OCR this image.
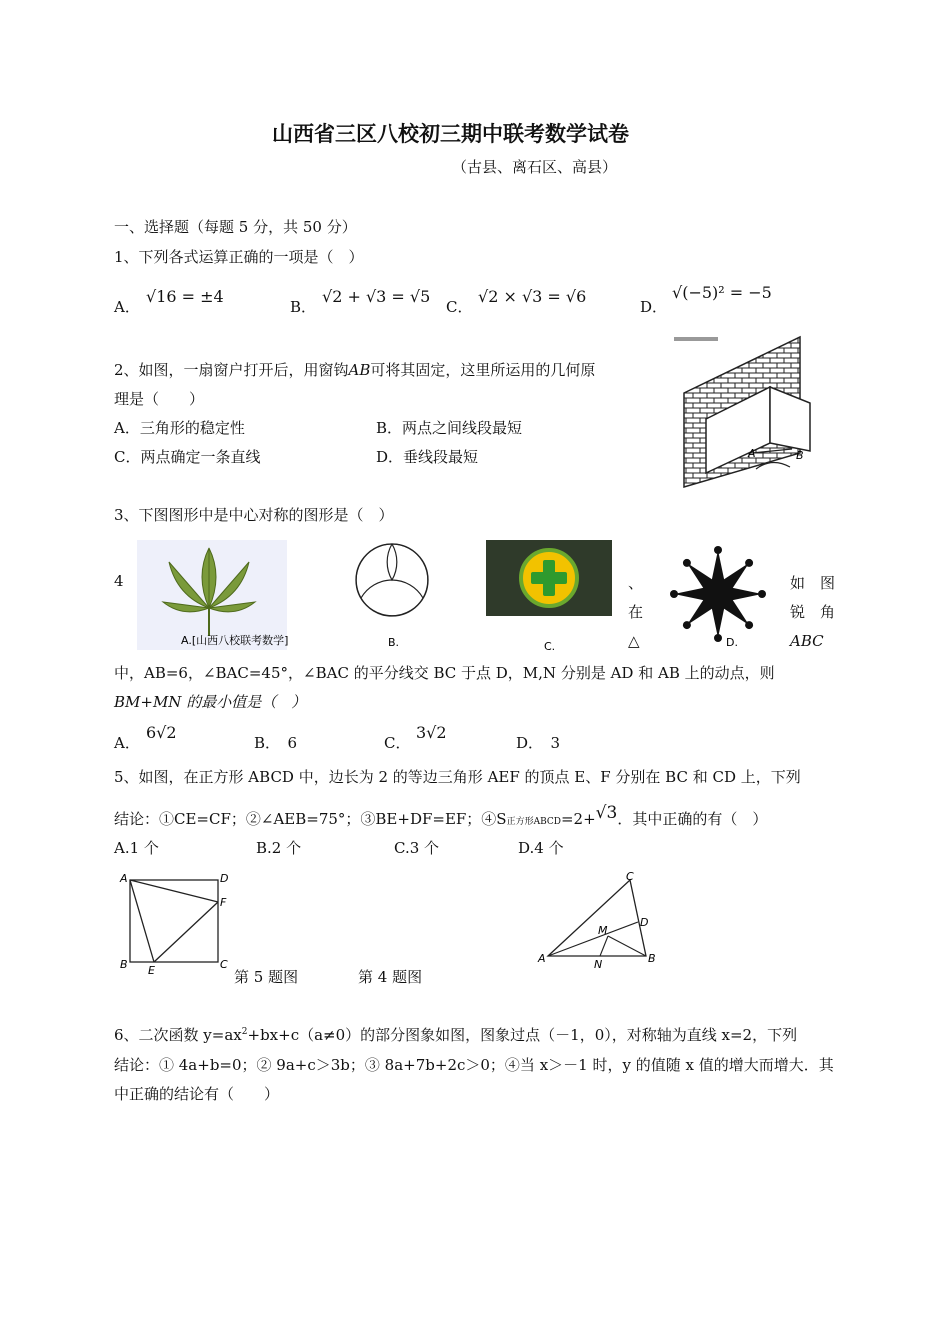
山西省三区八校初三期中联考数学试卷
（古县、离石区、高县）
一、选择题（每题 5 分，共 50 分）
1、下列各式运算正确的一项是（　）
A．
√16 = ±4
B．
√2 + √3 = √5
C．
√2 × √3 = √6
D．
√(−5)² = −5
2、如图，一扇窗户打开后，用窗钩AB可将其固定，这里所运用的几何原
理是（　　）
A．三角形的稳定性	B．两点之间线段最短
C．两点确定一条直线	D．垂线段最短	A	B
3、下图图形中是中心对称的图形是（　）
4
A.[山西八校联考数学]	B.	C.
、
在
△	D.
如　图
锐　角
ABC
中，AB=6，∠BAC=45°，∠BAC 的平分线交 BC 于点 D，M,N 分别是 AD 和 AB 上的动点，则
BM+MN 的最小值是（　）
A．
6√2
B．　6	C．
3√2
D．　3
5、如图，在正方形 ABCD 中，边长为 2 的等边三角形 AEF 的顶点 E、F 分别在 BC 和 CD 上，下列
结论：①CE=CF；②∠AEB=75°；③BE+DF=EF；④S正方形ABCD=2+√3．其中正确的有（　）
A.1 个	B.2 个	C.3 个	D.4 个
A	D
F
B E	C
第 5 题图	第 4 题图
C
D
M
A	N	B
6、二次函数 $y=ax^2+bx+c(a\ne 0)$的部分图象如图，图象过点（－1，0），对称轴为直线 x=2，下列
结论：① 4a+b=0；② 9a+c＞3b；③ 8a+7b+2c＞0；④当 x＞－1 时，y 的值随 x 值的增大而增大．其
中正确的结论有（　　）
